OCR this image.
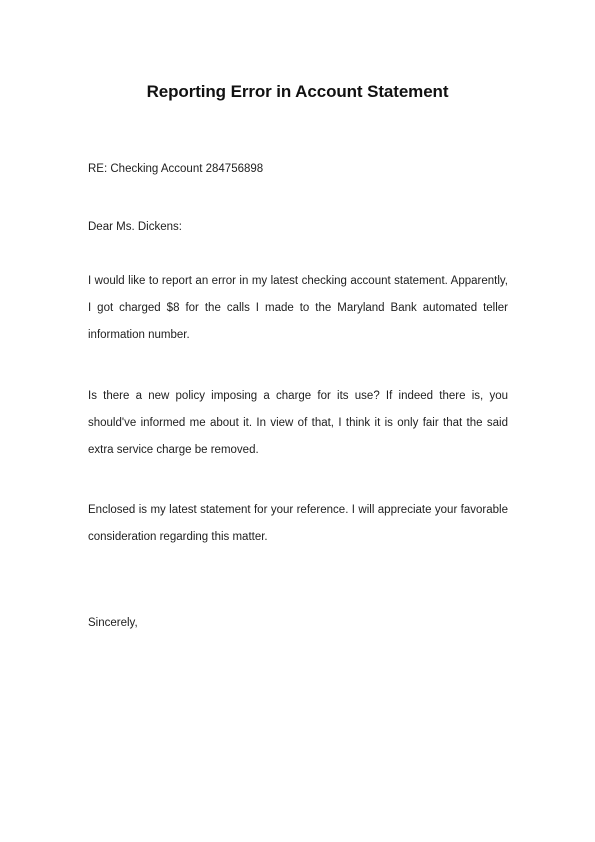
Reporting Error in Account Statement

RE: Checking Account 284756898

Dear Ms. Dickens:

I would like to report an error in my latest checking account statement. Apparently, I got charged $8 for the calls I made to the Maryland Bank automated teller information number.

Is there a new policy imposing a charge for its use? If indeed there is, you should've informed me about it. In view of that, I think it is only fair that the said extra service charge be removed.

Enclosed is my latest statement for your reference. I will appreciate your favorable consideration regarding this matter.

Sincerely,
